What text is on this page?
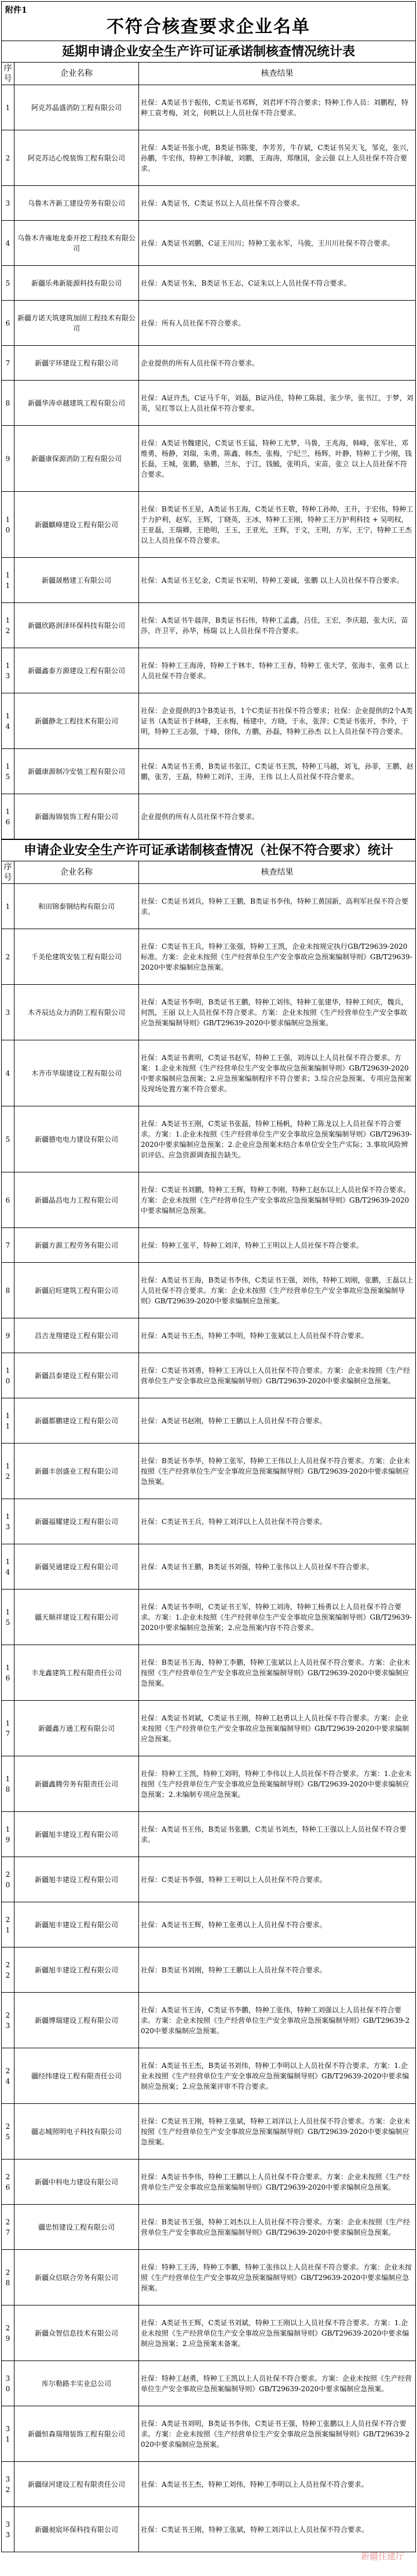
附件1
不符合核查要求企业名单
延期申请企业安全生产许可证承诺制核查情况统计表		
序号	企业名称	核查结果
1	阿克苏晶盛消防工程有限公司	社保：A类证书于振伟，C类证书邓辉，刘君坪不符合要求；特种工作人员：刘鹏程，特种工袁考梅，刘文，何帆以上人员社保不符合要求。
2	阿克苏达心悦装饰工程有限公司	社保：A类证书张小虎，B类证书陈斐，李芳芳，牛存斌，C类证书吴天飞，邹克，张兴，孙鹏，牛宏伟，特种工李泽敏，刘鹏，王海涛，郑继国，金云强 以上人员社保不符合要求。
3	乌鲁木齐新工建设劳务有限公司	社保：A类证书，C类证书以上人员社保不符合要求。
4	乌鲁木齐雍地龙泰开挖工程技术有限公司	社保：A类证书刘鹏，C证王川川；特种工张永军，马骏，王川川社保不符合要求。
5	新疆乐弗新能源科技有限公司	社保：A类证书朱，B类证书王志，C证朱以上人员社保不符合要求。
6	新疆方诺天筑建筑加固工程技术有限公司	社保：所有人员社保不符合要求。
7	新疆宇环建设工程有限公司	企业提供的所有人员社保不符合要求。
8	新疆华涛卓越建筑工程有限公司	社保：A证许杰，C证马千年，刘磊，B证冯佳，特种工陈晨，张少华，张书江，于梦，刘英，吴红等以上人员社保不符合要求。
9	新疆康保源消防工程有限公司	社保：A类证书魏建民，C类证书王猛，特种工尤梦，马鲁，王兆海，韩峰，张军社，邓维勇，杨静，刘瑞，朱勇，陈鑫，韩杰，张梅，宁纪兰，杨辉，叶静，特种工于少刚，钱长磊，王城，张鹏，骆鹏，兰东，于江，钱毓，张明兵，宋苗，张立 以上人员社保不符合要求。
10	新疆麒峰建设工程有限公司	社保：B类证书王星，A类证书王海，C类证书王敬，特种工孙帅，王升，于宏伟，特种工于力护利，赵军，王辉，丁晓英，王冰，特种工王刚，特种工王万护利科技 + 吴明权，王亚磊，王瑞卿，王艳明，王玉，王亚光，王辉，于文，王明，方军，王宁，特种工王杰 以上人员社保不符合要求。
11	新疆晟楷建工有限公司	社保：A类证书王忆金，C类证书宋明，特种工姜诚，张鹏 以上人员社保不符合要求。
12	新疆欣路润泽环保科技有限公司	社保：A类证书牛晨萍，B类证书石伟，特种工孟鑫，吕佳，王宏，李庆超，张大庆，苗莎，许卫平，孙华，杨瑞 以上人员社保不符合要求。
13	新疆鑫泰方源建设工程有限公司	社保：特种工王海涛，特种工于林丰，特种工王春，特种工 张天学，张海丰，张勇 以上人员社保不符合要求。
14	新疆静北工程技术有限公司	社保：企业提供的3个B类证书，1个C类证书社保不符合要求；社保：企业提供的2个A类证书（A类证书于林峰，王永梅，杨建中，方晓，于永，张萍；C类证书张开，李玲，于明，特种工王志强，于峰，徐伟，方鹏，孙磊，特种工孙杰 以上人员社保不符合要求。
15	新疆康源制冷安装工程有限公司	社保：A类证书王勇，B类证书张江，C类证书王凯，特种工马越，刘飞，孙菲，王鹏，赵鹏，张芳，王磊，特种工刘洋，王涛，王伟 以上人员社保不符合要求。
16	新疆海锦装饰工程有限公司	企业提供的所有人员社保不符合要求。
申请企业安全生产许可证承诺制核查情况（社保不符合要求）统计		
序号	企业名称	核查结果
1	和田锦泰钢结构有限公司	社保：C类证书刘兵，特种工王鹏，B类证书李伟，特种工黄国新，高利军社保不符合要求。
2	千美伦建筑安装工程有限公司	社保：C类证书王兵，特种工张强，特种工王凯，企业未按规定执行GB/T29639-2020标准。方案：企业未按照《生产经营单位生产安全事故应急预案编制导则》GB/T29639-2020中要求编制应急预案。
3	木齐辰达众力消防工程有限公司	社保：A类证书李明，B类证书王鹏，特种工刘伟，特种工张建华，特种工何庆，魏兵，何凯，王丽 以上人员社保不符合要求。方案：企业未按照《生产经营单位生产安全事故应急预案编制导则》GB/T29639-2020中要求编制应急预案。
4	木齐市华瑞建设工程有限公司	社保：A类证书黄明，C类证书赵军，特种工王强，刘涛以上人员社保不符合要求。方案：1.企业未按照《生产经营单位生产安全事故应急预案编制导则》GB/T29639-2020中要求编制应急预案；2.应急预案编制程序不符合要求；3.综合应急预案、专项应急预案及现场处置方案不符合要求。
5	新疆德电电力建设有限公司	社保：A类证书王刚，C类证书张磊，特种工杨帆，特种工陈龙以上人员社保不符合要求。方案：1.企业未按照《生产经营单位生产安全事故应急预案编制导则》GB/T29639-2020中要求编制应急预案；2.企业应急预案未结合本单位安全生产实际；3.事故风险辨识评估、应急资源调查报告缺失。
6	新疆晶昌电力工程有限公司	社保：C类证书刘鹏，特种工王辉，特种工李刚，特种工赵东以上人员社保不符合要求。方案：企业未按照《生产经营单位生产安全事故应急预案编制导则》GB/T29639-2020中要求编制应急预案。
7	新疆方源工程劳务有限公司	社保：特种工张平，特种工刘洋，特种工王明以上人员社保不符合要求。
8	新疆启旺建筑工程有限公司	社保：A类证书王海，B类证书李伟，C类证书王强，刘伟，特种工刘刚，张鹏，王磊以上人员社保不符合要求。方案：企业未按照《生产经营单位生产安全事故应急预案编制导则》GB/T29639-2020中要求编制应急预案。
9	昌吉龙翔建设工程有限公司	社保：A类证书王杰，特种工李明，特种工张斌以上人员社保不符合要求。
10	新疆昌泰建设工程有限公司	社保：C类证书刘勇，特种工王涛以上人员社保不符合要求。方案：企业未按照《生产经营单位生产安全事故应急预案编制导则》GB/T29639-2020中要求编制应急预案。
11	新疆都鹏建设工程有限公司	社保：A类证书赵刚，特种工王鹏以上人员社保不符合要求。
12	新疆丰创盛业工程有限公司	社保：B类证书李华，特种工张军，特种工王伟以上人员社保不符合要求。方案：企业未按照《生产经营单位生产安全事故应急预案编制导则》GB/T29639-2020中要求编制应急预案。
13	新疆福耀建设工程有限公司	社保：C类证书王兵，特种工刘洋以上人员社保不符合要求。
14	新疆昊通建设工程有限公司	社保：A类证书王鹏，B类证书刘强，特种工张伟以上人员社保不符合要求。
15	疆天顺祥建设工程有限公司	社保：A类证书李明，C类证书王军，特种工刘涛，特种工杨勇以上人员社保不符合要求。方案：1.企业未按照《生产经营单位生产安全事故应急预案编制导则》GB/T29639-2020中要求编制应急预案；2.应急预案内容不符合要求。
16	丰龙鑫建筑工程有限责任公司	社保：B类证书王海，特种工李鹏，特种工张斌以上人员社保不符合要求。方案：企业未按照《生产经营单位生产安全事故应急预案编制导则》GB/T29639-2020中要求编制应急预案。
17	新疆鑫万通工程有限公司	社保：A类证书刘斌，C类证书王刚，特种工赵勇以上人员社保不符合要求。方案：企业未按照《生产经营单位生产安全事故应急预案编制导则》GB/T29639-2020中要求编制应急预案。
18	新疆鑫腾劳务有限责任公司	社保：特种工王凯，特种工刘明，特种工李伟以上人员社保不符合要求。方案：1.企业未按照《生产经营单位生产安全事故应急预案编制导则》GB/T29639-2020中要求编制应急预案；2.未编制专项应急预案。
19	新疆旭丰建设工程有限公司	社保：A类证书王伟，B类证书张鹏，C类证书刘杰，特种工王强以上人员社保不符合要求。
20	新疆旭丰建设工程有限公司	社保：C类证书李强，特种工王明以上人员社保不符合要求。
21	新疆旭丰建设工程有限公司	社保：A类证书王辉，特种工张勇以上人员社保不符合要求。
22	新疆旭丰建设工程有限公司	社保：B类证书刘刚，特种工王鹏以上人员社保不符合要求。
23	新疆博瑞建设工程有限公司	社保：A类证书王涛，C类证书李鹏，特种工张伟，特种工刘强以上人员社保不符合要求。方案：企业未按照《生产经营单位生产安全事故应急预案编制导则》GB/T29639-2020中要求编制应急预案。
24	疆经纬建设工程有限责任公司	社保：A类证书王杰，B类证书刘伟，特种工李明以上人员社保不符合要求。方案：1.企业未按照《生产经营单位生产安全事故应急预案编制导则》GB/T29639-2020中要求编制应急预案；2.应急预案评审不符合要求。
25	疆志城照明电子科技有限公司	社保：C类证书王刚，特种工张斌，特种工刘洋以上人员社保不符合要求。方案：企业未按照《生产经营单位生产安全事故应急预案编制导则》GB/T29639-2020中要求编制应急预案。
26	新疆中科电力建设有限公司	社保：A类证书李伟，特种工王鹏以上人员社保不符合要求。方案：企业未按照《生产经营单位生产安全事故应急预案编制导则》GB/T29639-2020中要求编制应急预案。
27	疆忠恒建设工程有限公司	社保：B类证书王强，特种工刘杰以上人员社保不符合要求。方案：企业未按照《生产经营单位生产安全事故应急预案编制导则》GB/T29639-2020中要求编制应急预案。
28	新疆众信联合劳务有限公司	社保：特种工王涛，特种工李鹏，特种工张伟以上人员社保不符合要求。方案：企业未按照《生产经营单位生产安全事故应急预案编制导则》GB/T29639-2020中要求编制应急预案。
29	新疆众智信息技术有限公司	社保：A类证书王辉，C类证书刘斌，特种工王刚以上人员社保不符合要求。方案：1.企业未按照《生产经营单位生产安全事故应急预案编制导则》GB/T29639-2020中要求编制应急预案；2.应急预案未备案。
30	库尔勒路丰实业总公司	社保：特种工赵勇，特种工王凯以上人员社保不符合要求。方案：企业未按照《生产经营单位生产安全事故应急预案编制导则》GB/T29639-2020中要求编制应急预案。
31	新疆恒森瑞翔装饰工程有限公司	社保：A类证书刘明，B类证书李伟，C类证书王强，特种工张鹏以上人员社保不符合要求。方案：企业未按照《生产经营单位生产安全事故应急预案编制导则》GB/T29639-2020中要求编制应急预案。
32	新疆绿河建设工程有限责任公司	社保：A类证书王杰，特种工刘伟，特种工李明以上人员社保不符合要求。
33	新疆昶宸环保科技有限公司	社保：C类证书王刚，特种工张斌，特种工刘洋以上人员社保不符合要求。
新疆住建厅
